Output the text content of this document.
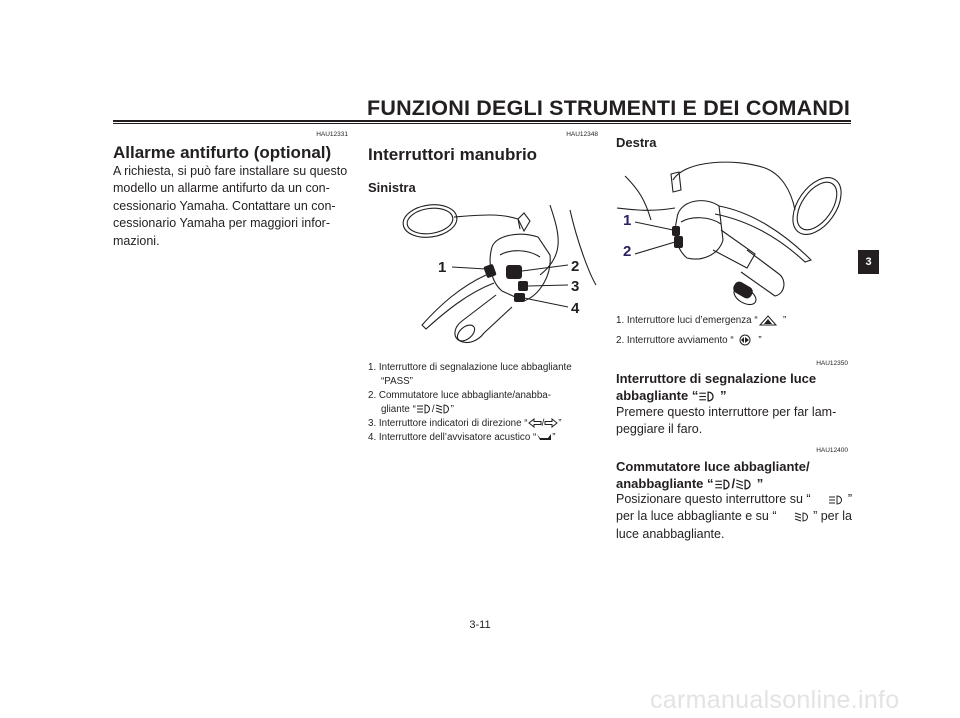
FUNZIONI DEGLI STRUMENTI E DEI COMANDI
HAU12331
Allarme antifurto (optional)
A richiesta, si può fare installare su questo
modello un allarme antifurto da un con-
cessionario Yamaha. Contattare un con-
cessionario Yamaha per maggiori infor-
mazioni.
HAU12348
Interruttori manubrio
Sinistra
1	2
3
4
1. Interruttore di segnalazione luce abbagliante
“PASS”
2. Commutatore luce abbagliante/anabba-
gliante “ / ”
3. Interruttore indicatori di direzione “ / ”
4. Interruttore dell’avvisatore acustico “ ”
Destra
1
2
1. Interruttore luci d’emergenza “	”
2. Interruttore avviamento “	”
HAU12350
Interruttore di segnalazione luce
abbagliante “ ”
Premere questo interruttore per far lam-
peggiare il faro.
HAU12400
Commutatore luce abbagliante/
anabbagliante “ / ”
Posizionare questo interruttore su “	”
per la luce abbagliante e su “	” per la
luce anabbagliante.
3
3-11
carmanualsonline.info
